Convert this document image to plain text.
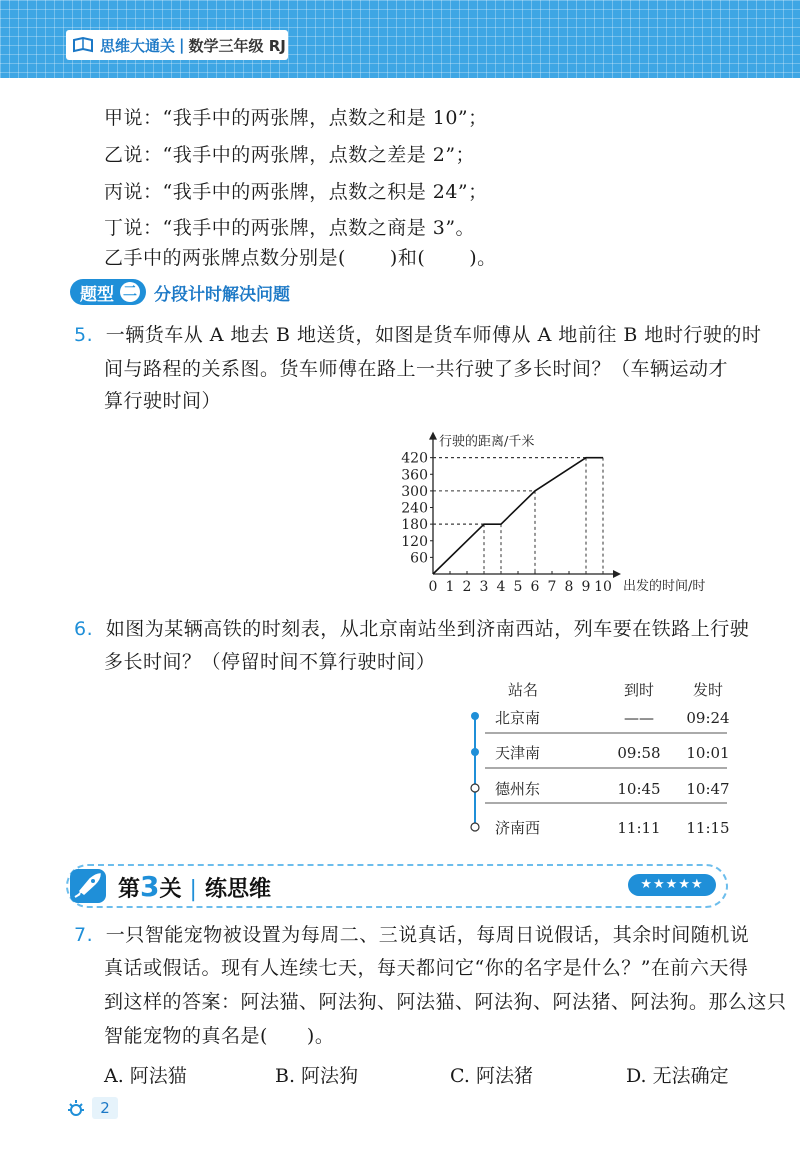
思维大通关 | 数学三年级 RJ
甲说：“我手中的两张牌，点数之和是 10”；
乙说：“我手中的两张牌，点数之差是 2”；
丙说：“我手中的两张牌，点数之积是 24”；
丁说：“我手中的两张牌，点数之商是 3”。
乙手中的两张牌点数分别是( )和( )。
题型 二 分段计时解决问题
5. 一辆货车从 A 地去 B 地送货，如图是货车师傅从 A 地前往 B 地时行驶的时
间与路程的关系图。货车师傅在路上一共行驶了多长时间？（车辆运动才
算行驶时间）
行驶的距离/千米
出发的时间/时
60
120
180
240
300
360
420
0 1 2 3 4 5 6 7 8 9 10
6. 如图为某辆高铁的时刻表，从北京南站坐到济南西站，列车要在铁路上行驶
多长时间？（停留时间不算行驶时间）
站名	到时	发时
北京南	—— 09:24
天津南	09:58 10:01
德州东	10:45 10:47
济南西	11:11 11:15
第3关 | 练思维	★★★★★
7. 一只智能宠物被设置为每周二、三说真话，每周日说假话，其余时间随机说
真话或假话。现有人连续七天，每天都问它“你的名字是什么？”在前六天得
到这样的答案：阿法猫、阿法狗、阿法猫、阿法狗、阿法猪、阿法狗。那么这只
智能宠物的真名是(　　)。
A. 阿法猫	B. 阿法狗	C. 阿法猪	D. 无法确定
2
